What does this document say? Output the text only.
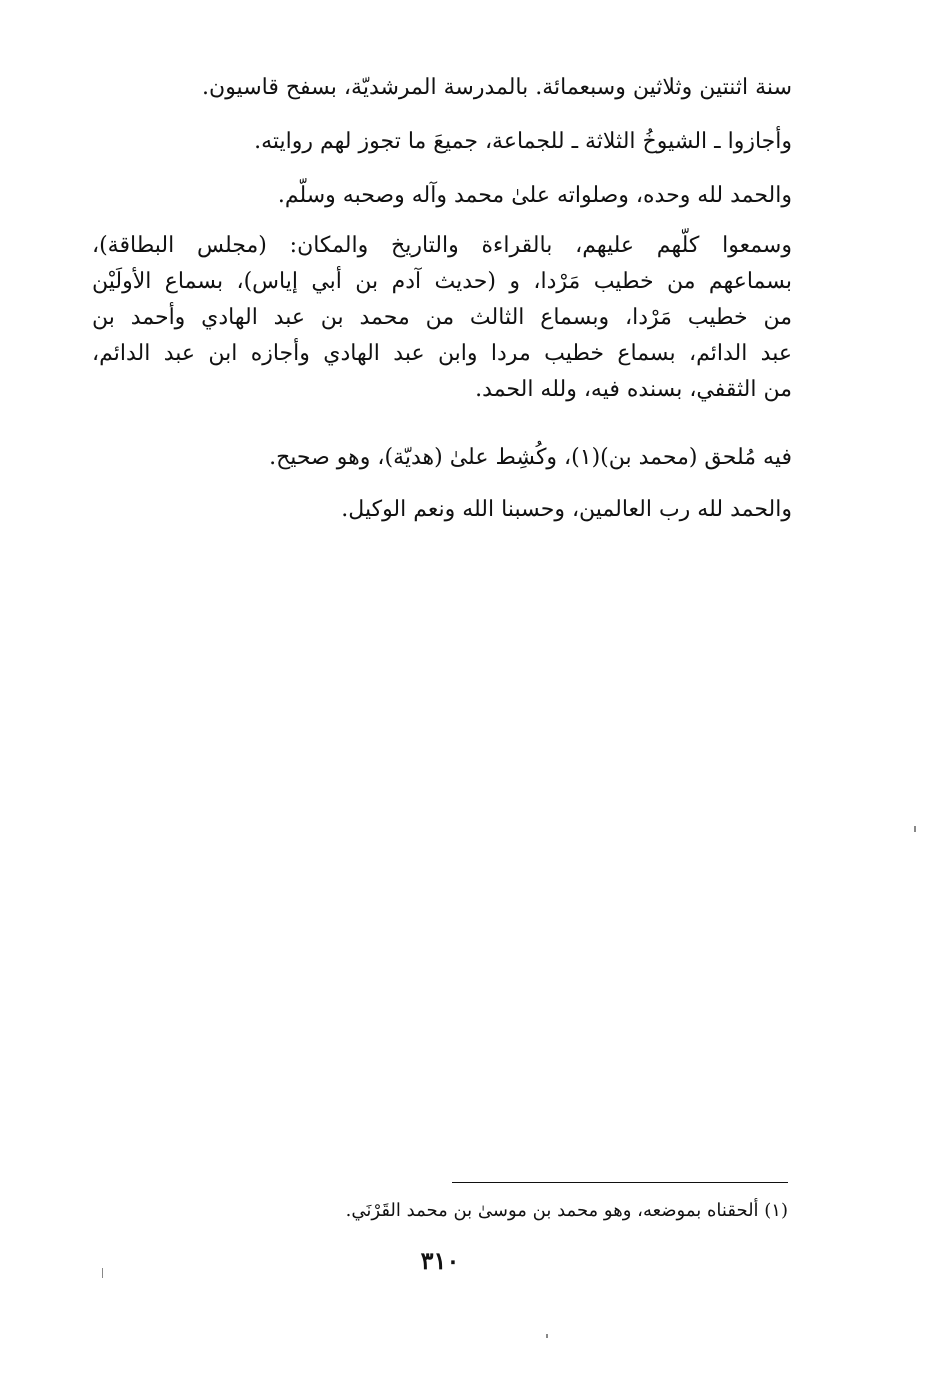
سنة اثنتين وثلاثين وسبعمائة. بالمدرسة المرشديّة، بسفح قاسيون.
وأجازوا ـ الشيوخُ الثلاثة ـ للجماعة، جميعَ ما تجوز لهم روايته.
والحمد لله وحده، وصلواته علىٰ محمد وآله وصحبه وسلّم.
وسمعوا كلّهم عليهم، بالقراءة والتاريخ والمكان: (مجلس البطاقة)،
بسماعهم من خطيب مَرْدا، و (حديث آدم بن أبي إياس)، بسماع الأولَيْن
من خطيب مَرْدا، وبسماع الثالث من محمد بن عبد الهادي وأحمد بن
عبد الدائم، بسماع خطيب مردا وابن عبد الهادي وأجازه ابن عبد الدائم،
من الثقفي، بسنده فيه، ولله الحمد.
فيه مُلحق (محمد بن)(١)، وكُشِط علىٰ (هديّة)، وهو صحيح.
والحمد لله رب العالمين، وحسبنا الله ونعم الوكيل.
(١) ألحقناه بموضعه، وهو محمد بن موسىٰ بن محمد القَرْنَي.
٣١٠
